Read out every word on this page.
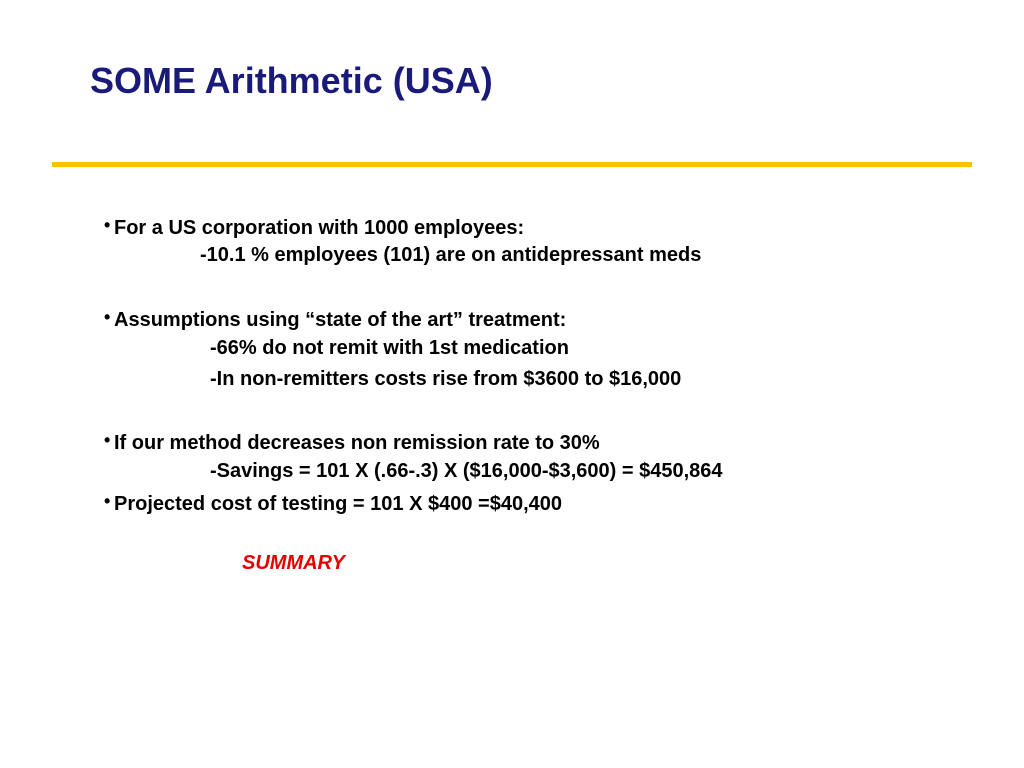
SOME Arithmetic (USA)
• For a US corporation with 1000 employees:
-10.1 % employees (101) are on antidepressant meds
• Assumptions using “state of the art” treatment:
-66% do not remit with 1st medication
-In non-remitters costs rise from $3600 to $16,000
• If our method decreases non remission rate to 30%
-Savings = 101 X (.66-.3) X ($16,000-$3,600) = $450,864
• Projected cost of testing = 101 X $400 =$40,400
SUMMARY
